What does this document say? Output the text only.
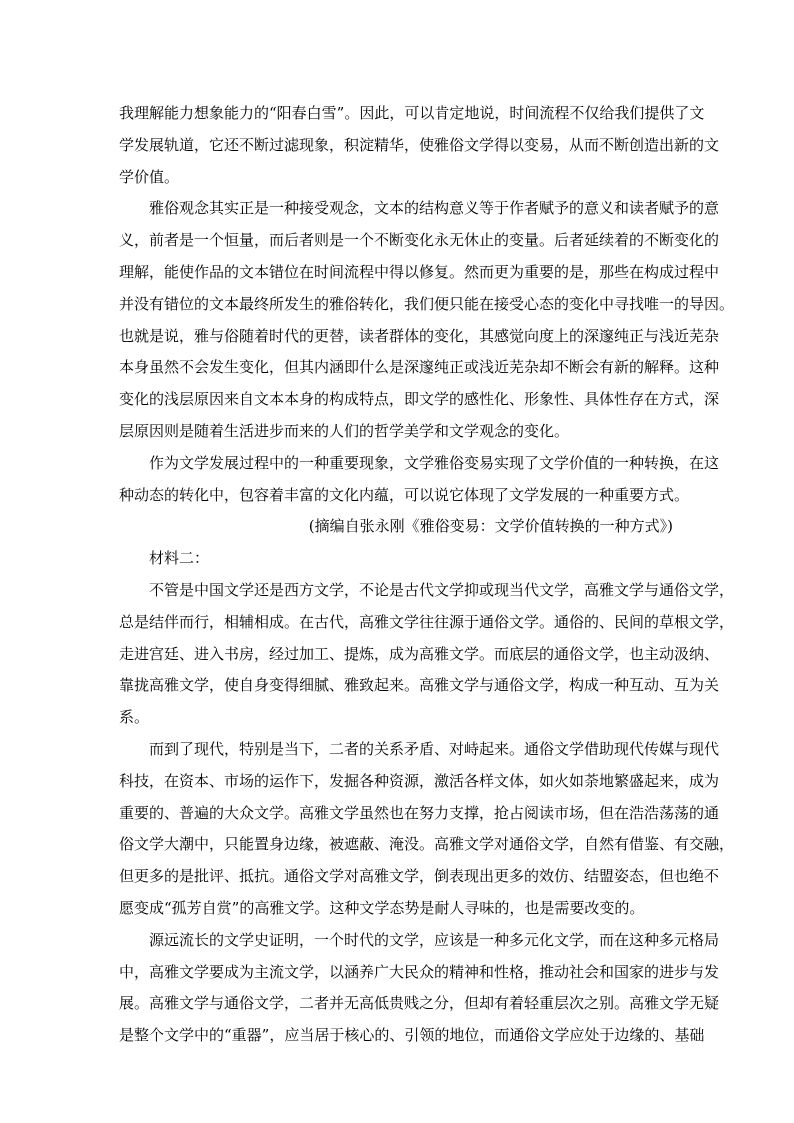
我理解能力想象能力的“阳春白雪”。因此，可以肯定地说，时间流程不仅给我们提供了文
学发展轨道，它还不断过滤现象，积淀精华，使雅俗文学得以变易，从而不断创造出新的文
学价值。
雅俗观念其实正是一种接受观念，文本的结构意义等于作者赋予的意义和读者赋予的意
义，前者是一个恒量，而后者则是一个不断变化永无休止的变量。后者延续着的不断变化的
理解，能使作品的文本错位在时间流程中得以修复。然而更为重要的是，那些在构成过程中
并没有错位的文本最终所发生的雅俗转化，我们便只能在接受心态的变化中寻找唯一的导因。
也就是说，雅与俗随着时代的更替，读者群体的变化，其感觉向度上的深邃纯正与浅近芜杂
本身虽然不会发生变化，但其内涵即什么是深邃纯正或浅近芜杂却不断会有新的解释。这种
变化的浅层原因来自文本本身的构成特点，即文学的感性化、形象性、具体性存在方式，深
层原因则是随着生活进步而来的人们的哲学美学和文学观念的变化。
作为文学发展过程中的一种重要现象，文学雅俗变易实现了文学价值的一种转换，在这
种动态的转化中，包容着丰富的文化内蕴，可以说它体现了文学发展的一种重要方式。
(摘编自张永刚《雅俗变易：文学价值转换的一种方式》)
材料二：
不管是中国文学还是西方文学，不论是古代文学抑或现当代文学，高雅文学与通俗文学，
总是结伴而行，相辅相成。在古代，高雅文学往往源于通俗文学。通俗的、民间的草根文学，
走进宫廷、进入书房，经过加工、提炼，成为高雅文学。而底层的通俗文学，也主动汲纳、
靠拢高雅文学，使自身变得细腻、雅致起来。高雅文学与通俗文学，构成一种互动、互为关
系。
而到了现代，特别是当下，二者的关系矛盾、对峙起来。通俗文学借助现代传媒与现代
科技，在资本、市场的运作下，发掘各种资源，激活各样文体，如火如荼地繁盛起来，成为
重要的、普遍的大众文学。高雅文学虽然也在努力支撑，抢占阅读市场，但在浩浩荡荡的通
俗文学大潮中，只能置身边缘，被遮蔽、淹没。高雅文学对通俗文学，自然有借鉴、有交融，
但更多的是批评、抵抗。通俗文学对高雅文学，倒表现出更多的效仿、结盟姿态，但也绝不
愿变成“孤芳自赏”的高雅文学。这种文学态势是耐人寻味的，也是需要改变的。
源远流长的文学史证明，一个时代的文学，应该是一种多元化文学，而在这种多元格局
中，高雅文学要成为主流文学，以涵养广大民众的精神和性格，推动社会和国家的进步与发
展。高雅文学与通俗文学，二者并无高低贵贱之分，但却有着轻重层次之别。高雅文学无疑
是整个文学中的“重器”，应当居于核心的、引领的地位，而通俗文学应处于边缘的、基础
